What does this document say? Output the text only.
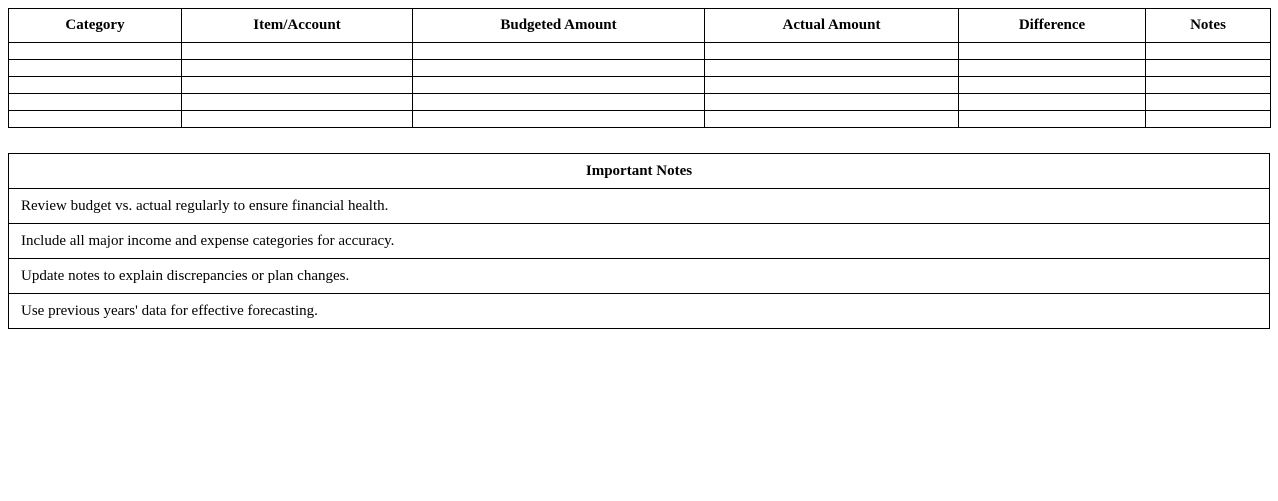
Category	Item/Account	Budgeted Amount	Actual Amount	Difference	Notes

Important Notes
Review budget vs. actual regularly to ensure financial health.
Include all major income and expense categories for accuracy.
Update notes to explain discrepancies or plan changes.
Use previous years' data for effective forecasting.
